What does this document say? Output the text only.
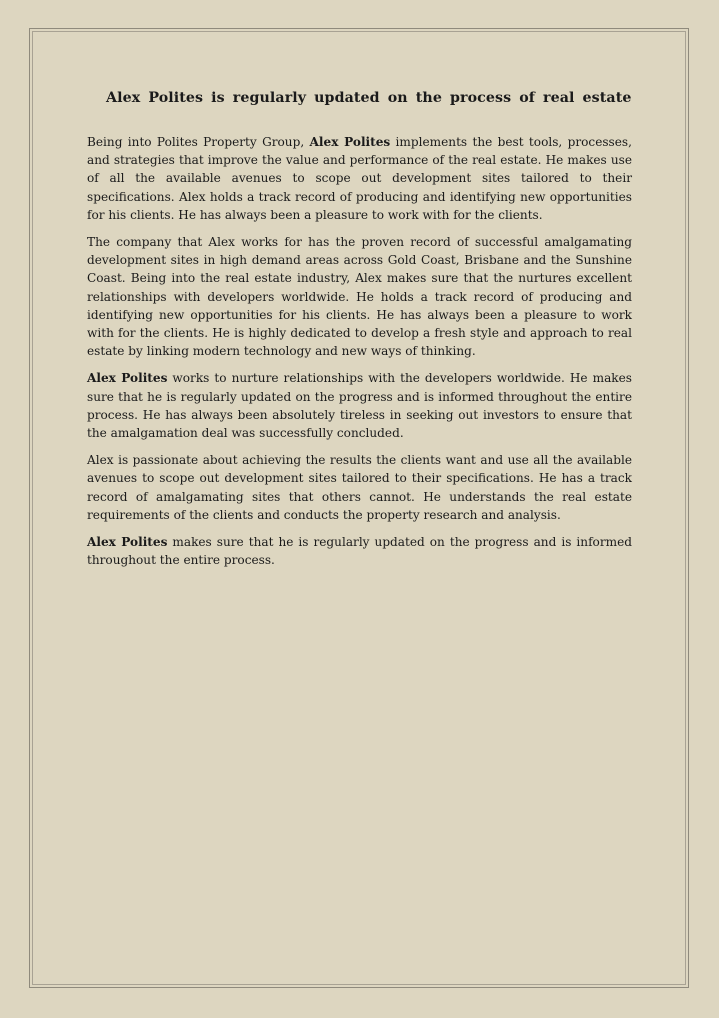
Alex Polites is regularly updated on the process of real estate

Being into Polites Property Group, Alex Polites implements the best tools, processes, and strategies that improve the value and performance of the real estate. He makes use of all the available avenues to scope out development sites tailored to their specifications. Alex holds a track record of producing and identifying new opportunities for his clients. He has always been a pleasure to work with for the clients.

The company that Alex works for has the proven record of successful amalgamating development sites in high demand areas across Gold Coast, Brisbane and the Sunshine Coast. Being into the real estate industry, Alex makes sure that the nurtures excellent relationships with developers worldwide. He holds a track record of producing and identifying new opportunities for his clients. He has always been a pleasure to work with for the clients. He is highly dedicated to develop a fresh style and approach to real estate by linking modern technology and new ways of thinking.

Alex Polites works to nurture relationships with the developers worldwide. He makes sure that he is regularly updated on the progress and is informed throughout the entire process. He has always been absolutely tireless in seeking out investors to ensure that the amalgamation deal was successfully concluded.

Alex is passionate about achieving the results the clients want and use all the available avenues to scope out development sites tailored to their specifications. He has a track record of amalgamating sites that others cannot. He understands the real estate requirements of the clients and conducts the property research and analysis.

Alex Polites makes sure that he is regularly updated on the progress and is informed throughout the entire process.
